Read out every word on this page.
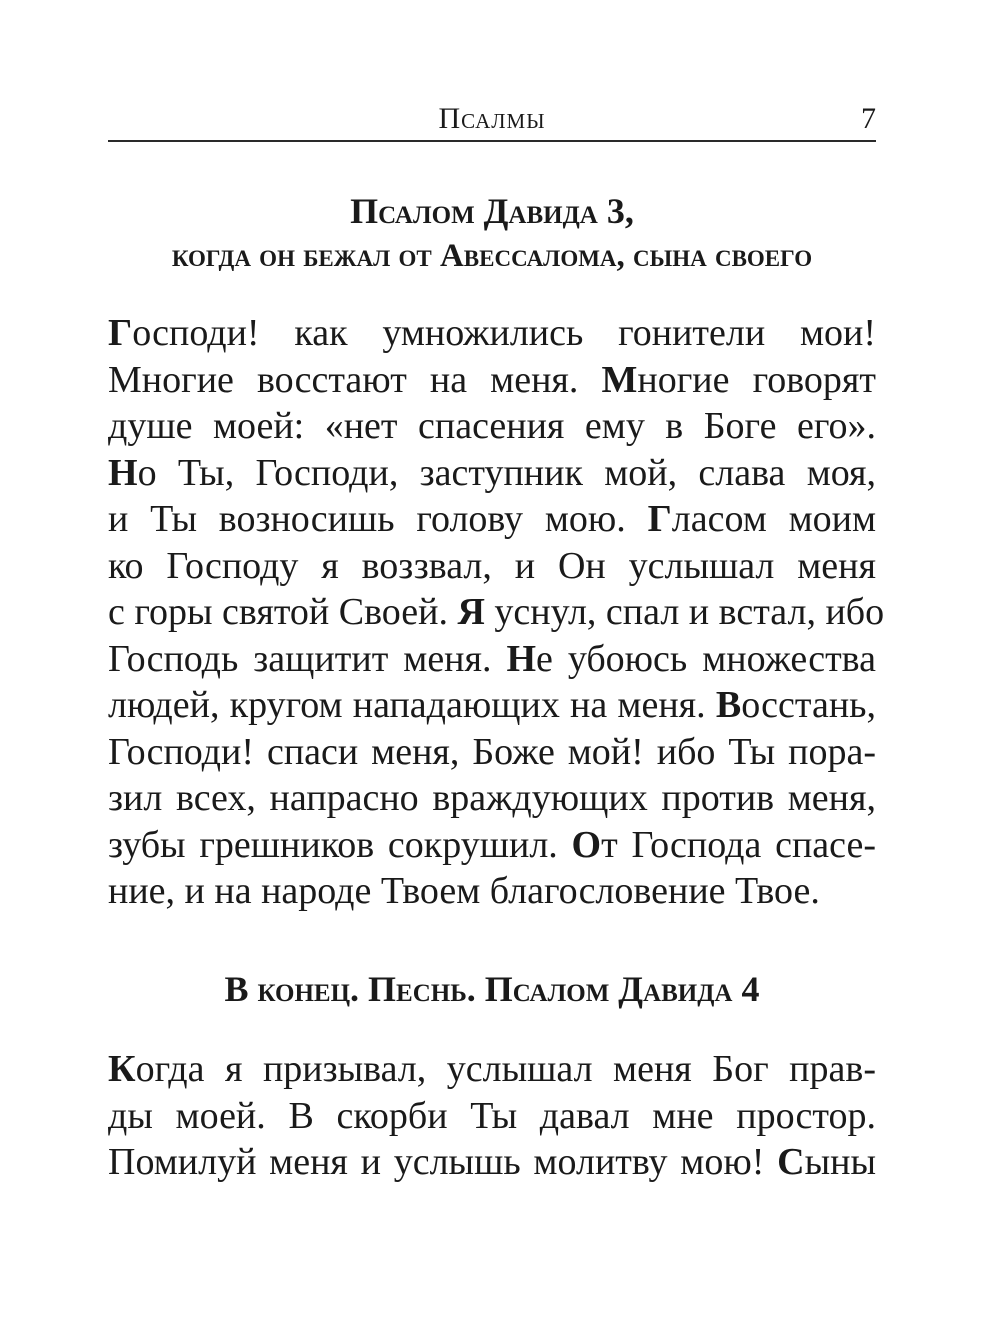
Псалмы	7
Псалом Давида 3,
когда он бежал от Авессалома, сына своего
Господи! как умножились гонители мои!
Многие восстают на меня. Многие говорят
душе моей: «нет спасения ему в Боге его».
Но Ты, Господи, заступник мой, слава моя,
и Ты возносишь голову мою. Гласом моим
ко Господу я воззвал, и Он услышал меня
с горы святой Своей. Я уснул, спал и встал, ибо
Господь защитит меня. Не убоюсь множества
людей, кругом нападающих на меня. Восстань,
Господи! спаси меня, Боже мой! ибо Ты пора-
зил всех, напрасно враждующих против меня,
зубы грешников сокрушил. От Господа спасе-
ние, и на народе Твоем благословение Твое.
В конец. Песнь. Псалом Давида 4
Когда я призывал, услышал меня Бог прав-
ды моей. В скорби Ты давал мне простор.
Помилуй меня и услышь молитву мою! Сыны
